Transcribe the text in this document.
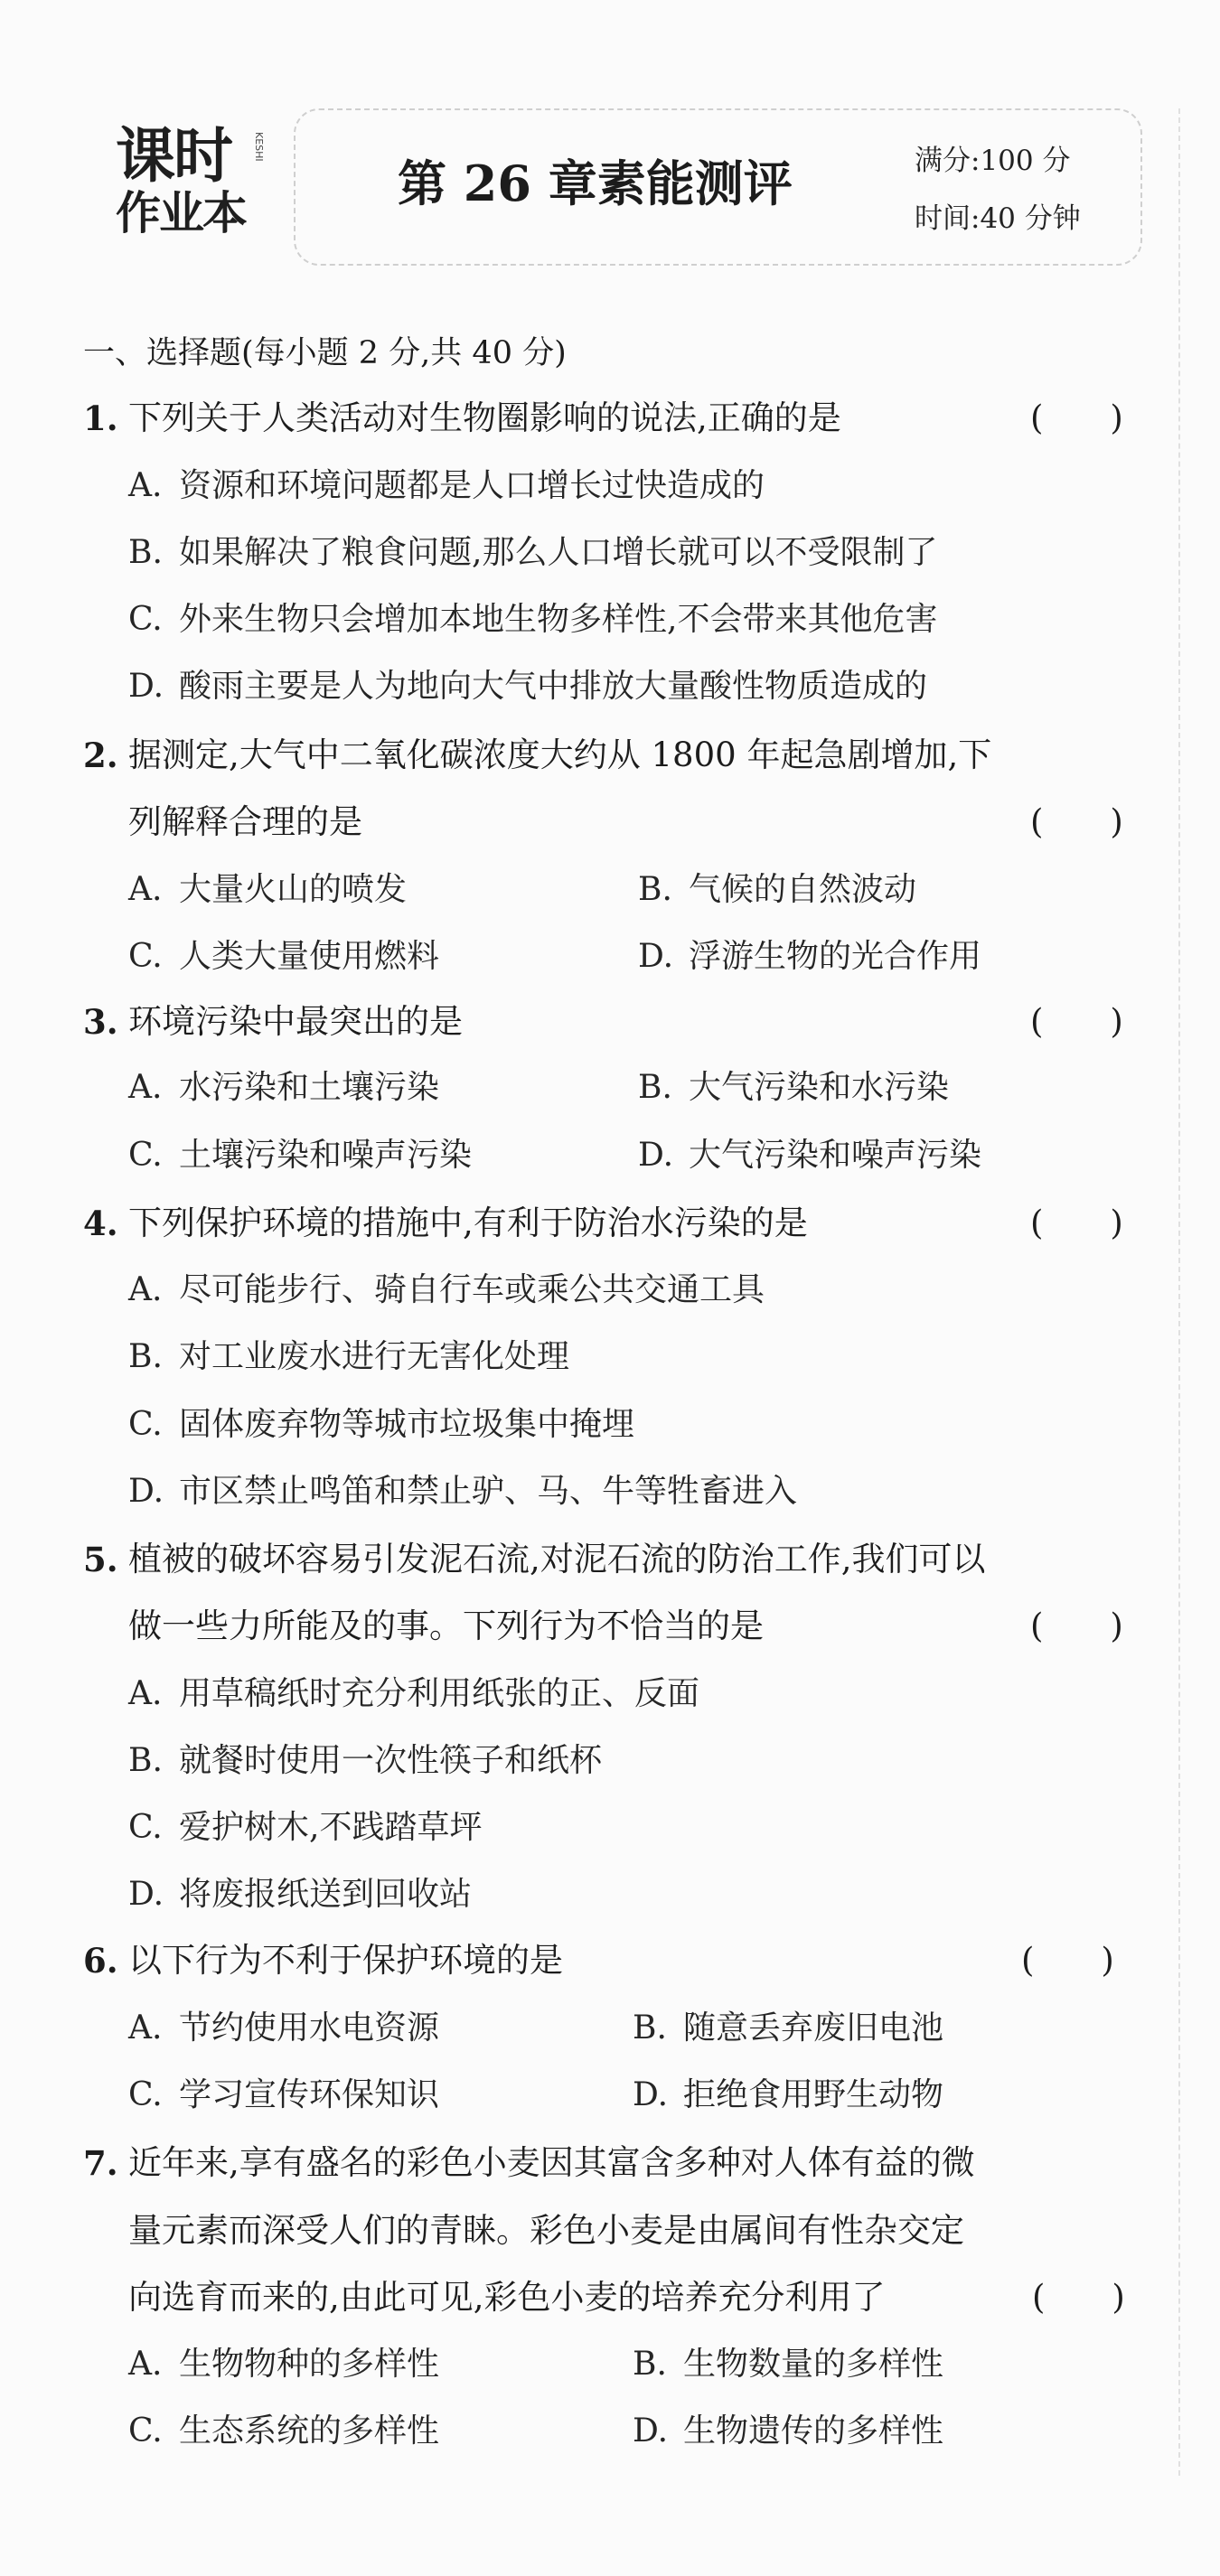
课时	KESHI
作业本
第 26 章素能测评	满分:100 分
时间:40 分钟
一、选择题(每小题 2 分,共 40 分)
1. 下列关于人类活动对生物圈影响的说法,正确的是	(　　)
A. 资源和环境问题都是人口增长过快造成的
B. 如果解决了粮食问题,那么人口增长就可以不受限制了
C. 外来生物只会增加本地生物多样性,不会带来其他危害
D. 酸雨主要是人为地向大气中排放大量酸性物质造成的
2. 据测定,大气中二氧化碳浓度大约从 1800 年起急剧增加,下
列解释合理的是	(　　)
A. 大量火山的喷发	B. 气候的自然波动
C. 人类大量使用燃料	D. 浮游生物的光合作用
3. 环境污染中最突出的是	(　　)
A. 水污染和土壤污染	B. 大气污染和水污染
C. 土壤污染和噪声污染	D. 大气污染和噪声污染
4. 下列保护环境的措施中,有利于防治水污染的是	(　　)
A. 尽可能步行、骑自行车或乘公共交通工具
B. 对工业废水进行无害化处理
C. 固体废弃物等城市垃圾集中掩埋
D. 市区禁止鸣笛和禁止驴、马、牛等牲畜进入
5. 植被的破坏容易引发泥石流,对泥石流的防治工作,我们可以
做一些力所能及的事。下列行为不恰当的是	(　　)
A. 用草稿纸时充分利用纸张的正、反面
B. 就餐时使用一次性筷子和纸杯
C. 爱护树木,不践踏草坪
D. 将废报纸送到回收站
6. 以下行为不利于保护环境的是	(　　)
A. 节约使用水电资源	B. 随意丢弃废旧电池
C. 学习宣传环保知识	D. 拒绝食用野生动物
7. 近年来,享有盛名的彩色小麦因其富含多种对人体有益的微
量元素而深受人们的青睐。彩色小麦是由属间有性杂交定
向选育而来的,由此可见,彩色小麦的培养充分利用了	(　　)
A. 生物物种的多样性	B. 生物数量的多样性
C. 生态系统的多样性	D. 生物遗传的多样性
